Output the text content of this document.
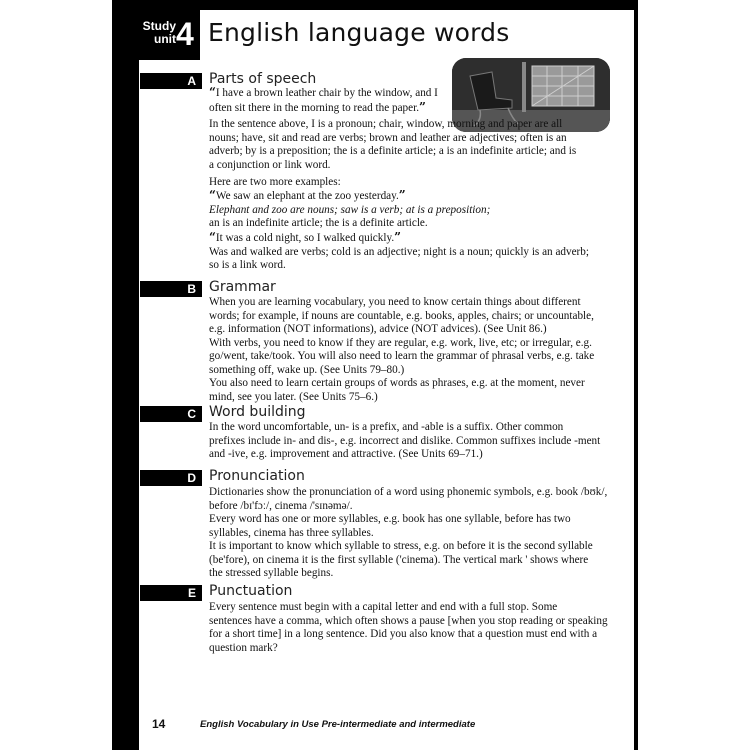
Study
unit 4 English language words
A Parts of speech
“I have a brown leather chair by the window, and I often sit there in the morning to read the paper.”
In the sentence above, I is a pronoun; chair, window, morning and paper are all nouns; have, sit and read are verbs; brown and leather are adjectives; often is an adverb; by is a preposition; the is a definite article; a is an indefinite article; and is a conjunction or link word.
Here are two more examples:

“We saw an elephant at the zoo yesterday.”

Elephant and zoo are nouns; saw is a verb; at is a preposition;

an is an indefinite article; the is a definite article.

“It was a cold night, so I walked quickly.”

Was and walked are verbs; cold is an adjective; night is a noun; quickly is an adverb;

so is a link word.

B Grammar

When you are learning vocabulary, you need to know certain things about different

words; for example, if nouns are countable, e.g. books, apples, chairs; or uncountable,

e.g. information (NOT informations), advice (NOT advices). (See Unit 86.)

With verbs, you need to know if they are regular, e.g. work, live, etc; or irregular, e.g.

go/went, take/took. You will also need to learn the grammar of phrasal verbs, e.g. take

something off, wake up. (See Units 79–80.)

You also need to learn certain groups of words as phrases, e.g. at the moment, never

mind, see you later. (See Units 75–6.)

C Word building

In the word uncomfortable, un- is a prefix, and -able is a suffix. Other common

prefixes include in- and dis-, e.g. incorrect and dislike. Common suffixes include -ment

and -ive, e.g. improvement and attractive. (See Units 69–71.)

D Pronunciation

Dictionaries show the pronunciation of a word using phonemic symbols, e.g. book /bʊk/,

before /bɪ'fɔː/, cinema /'sɪnəmə/.

Every word has one or more syllables, e.g. book has one syllable, before has two

syllables, cinema has three syllables.

It is important to know which syllable to stress, e.g. on before it is the second syllable

(be'fore), on cinema it is the first syllable ('cinema). The vertical mark ' shows where

the stressed syllable begins.

E Punctuation

Every sentence must begin with a capital letter and end with a full stop. Some

sentences have a comma, which often shows a pause [when you stop reading or speaking

for a short time] in a long sentence. Did you also know that a question must end with a

question mark?

14	English Vocabulary in Use Pre-intermediate and intermediate
